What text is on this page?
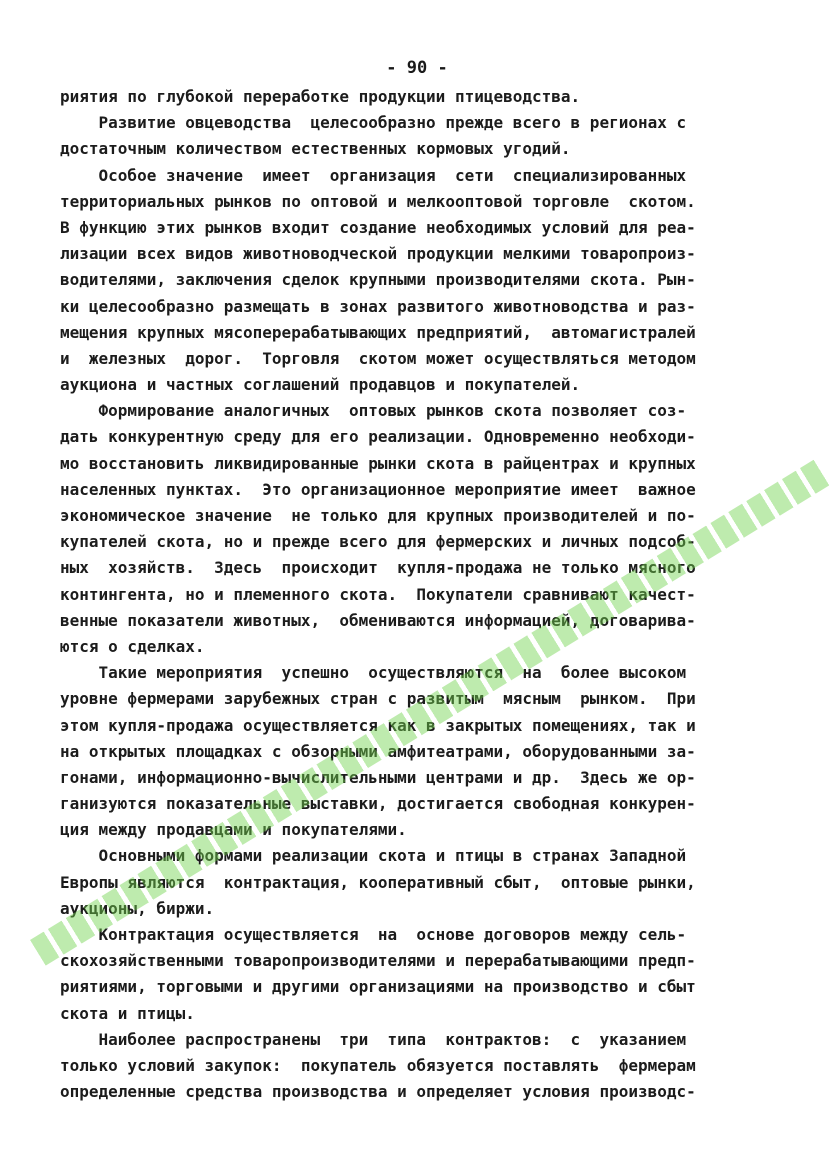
- 90 -
риятия по глубокой переработке продукции птицеводства.
Развитие овцеводства  целесообразно прежде всего в регионах с
достаточным количеством естественных кормовых угодий.
Особое значение  имеет  организация  сети  специализированных
территориальных рынков по оптовой и мелкооптовой торговле  скотом.
В функцию этих рынков входит создание необходимых условий для реа-
лизации всех видов животноводческой продукции мелкими товаропроиз-
водителями, заключения сделок крупными производителями скота. Рын-
ки целесообразно размещать в зонах развитого животноводства и раз-
мещения крупных мясоперерабатывающих предприятий,  автомагистралей
и  железных  дорог.  Торговля  скотом может осуществляться методом
аукциона и частных соглашений продавцов и покупателей.
Формирование аналогичных  оптовых рынков скота позволяет соз-
дать конкурентную среду для его реализации. Одновременно необходи-
мо восстановить ликвидированные рынки скота в райцентрах и крупных
населенных пунктах.  Это организационное мероприятие имеет  важное
экономическое значение  не только для крупных производителей и по-
купателей скота, но и прежде всего для фермерских и личных подсоб-
ных  хозяйств.  Здесь  происходит  купля-продажа не только мясного
контингента, но и племенного скота.  Покупатели сравнивают качест-
венные показатели животных,  обмениваются информацией, договарива-
ются о сделках.
Такие мероприятия  успешно  осуществляются  на  более высоком
уровне фермерами зарубежных стран с развитым  мясным  рынком.  При
этом купля-продажа осуществляется как в закрытых помещениях, так и
на открытых площадках с обзорными амфитеатрами, оборудованными за-
гонами, информационно-вычислительными центрами и др.  Здесь же ор-
ганизуются показательные выставки, достигается свободная конкурен-
ция между продавцами и покупателями.
Основными формами реализации скота и птицы в странах Западной
Европы являются  контрактация, кооперативный сбыт,  оптовые рынки,
аукционы, биржи.
Контрактация осуществляется  на  основе договоров между сель-
скохозяйственными товаропроизводителями и перерабатывающими предп-
риятиями, торговыми и другими организациями на производство и сбыт
скота и птицы.
Наиболее распространены  три  типа  контрактов:  с  указанием
только условий закупок:  покупатель обязуется поставлять  фермерам
определенные средства производства и определяет условия производс-
